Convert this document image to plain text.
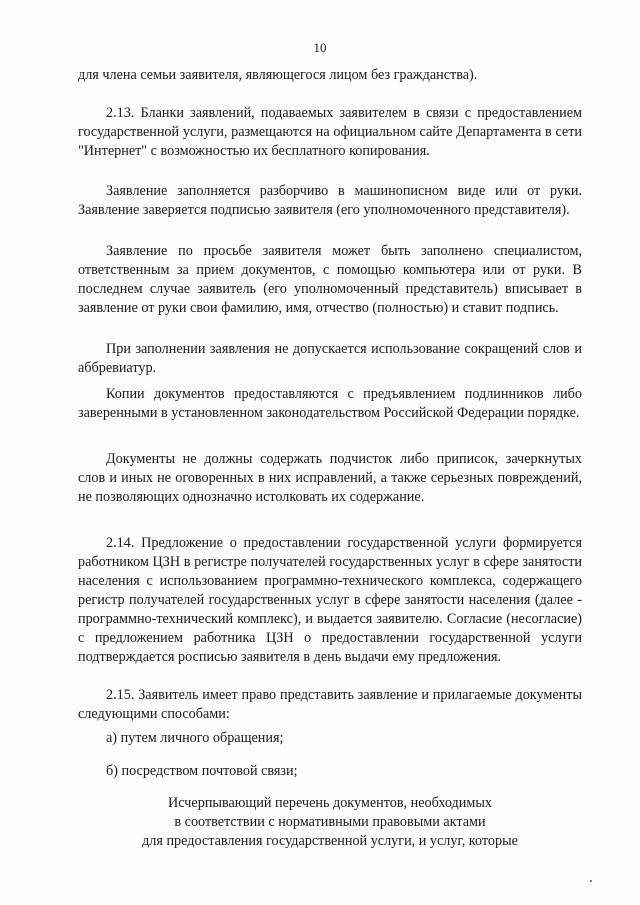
10

для члена семьи заявителя, являющегося лицом без гражданства).

2.13. Бланки заявлений, подаваемых заявителем в связи с предоставлением государственной услуги, размещаются на официальном сайте Департамента в сети "Интернет" с возможностью их бесплатного копирования.

Заявление заполняется разборчиво в машинописном виде или от руки. Заявление заверяется подписью заявителя (его уполномоченного представителя).

Заявление по просьбе заявителя может быть заполнено специалистом, ответственным за прием документов, с помощью компьютера или от руки. В последнем случае заявитель (его уполномоченный представитель) вписывает в заявление от руки свои фамилию, имя, отчество (полностью) и ставит подпись.

При заполнении заявления не допускается использование сокращений слов и аббревиатур.

Копии документов предоставляются с предъявлением подлинников либо заверенными в установленном законодательством Российской Федерации порядке.

Документы не должны содержать подчисток либо приписок, зачеркнутых слов и иных не оговоренных в них исправлений, а также серьезных повреждений, не позволяющих однозначно истолковать их содержание.

2.14. Предложение о предоставлении государственной услуги формируется работником ЦЗН в регистре получателей государственных услуг в сфере занятости населения с использованием программно-технического комплекса, содержащего регистр получателей государственных услуг в сфере занятости населения (далее - программно-технический комплекс), и выдается заявителю. Согласие (несогласие) с предложением работника ЦЗН о предоставлении государственной услуги подтверждается росписью заявителя в день выдачи ему предложения.

2.15. Заявитель имеет право представить заявление и прилагаемые документы следующими способами:

а) путем личного обращения;

б) посредством почтовой связи;

Исчерпывающий перечень документов, необходимых

в соответствии с нормативными правовыми актами

для предоставления государственной услуги, и услуг, которые
